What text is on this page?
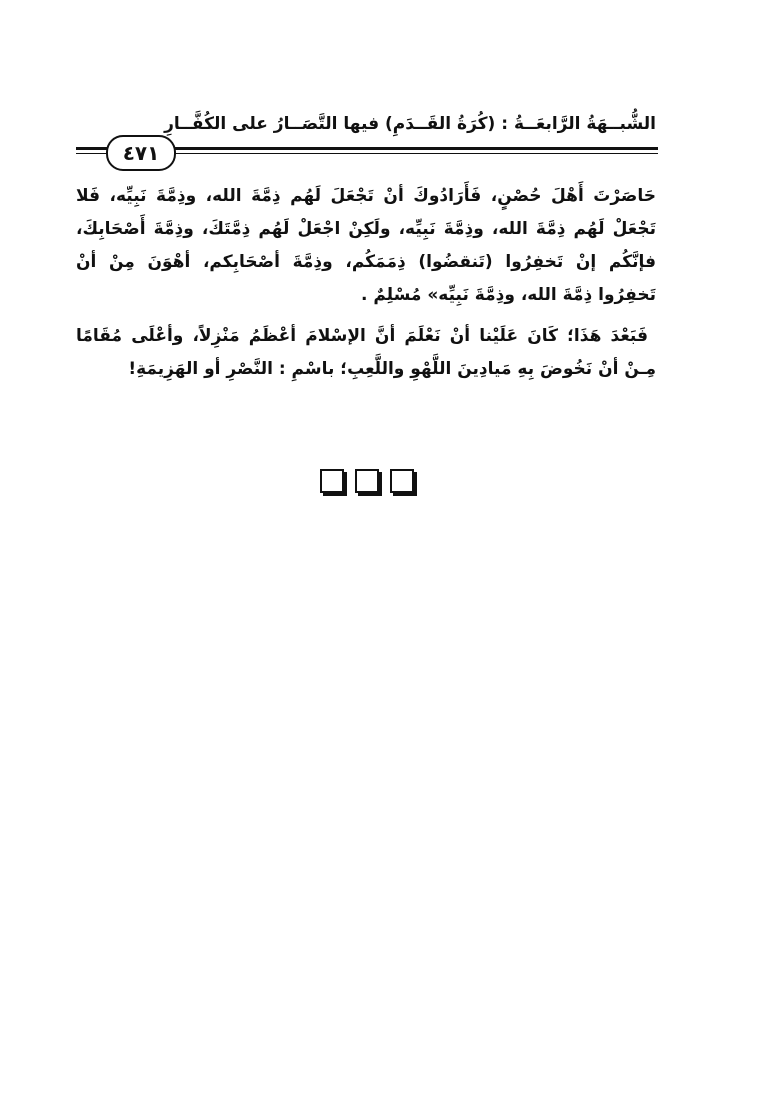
الشُّبــهَةُ الرَّابعَــةُ : (كُرَةُ القَــدَمِ) فيها التَّصَــارُ على الكُفَّــارِ
٤٧١

حَاصَرْتَ أَهْلَ حُصْنٍ، فَأَرَادُوكَ أنْ تَجْعَلَ لَهُم ذِمَّةَ الله، وذِمَّةَ نَبِيِّه، فَلا تَجْعَلْ لَهُم ذِمَّةَ الله، وذِمَّةَ نَبِيِّه، ولَكِنْ اجْعَلْ لَهُم ذِمَّتَكَ، وذِمَّةَ أَصْحَابِكَ، فإنَّكُم إنْ تَخفِرُوا (تَنقضُوا) ذِمَمَكُم، وذِمَّةَ أصْحَابِكم، أهْوَنَ مِنْ أنْ تَخفِرُوا ذِمَّةَ الله، وذِمَّةَ نَبِيِّه» مُسْلِمٌ .

فَبَعْدَ هَذَا؛ كَانَ عَلَيْنا أنْ نَعْلَمَ أنَّ الإسْلامَ أعْظَمُ مَنْزِلاً، وأعْلَى مُقَامًا مِـنْ أنْ نَخُوضَ بِهِ مَيادِينَ اللَّهْوِ واللَّعِبِ؛ باسْمِ : النَّصْرِ أو الهَزِيمَةِ!
